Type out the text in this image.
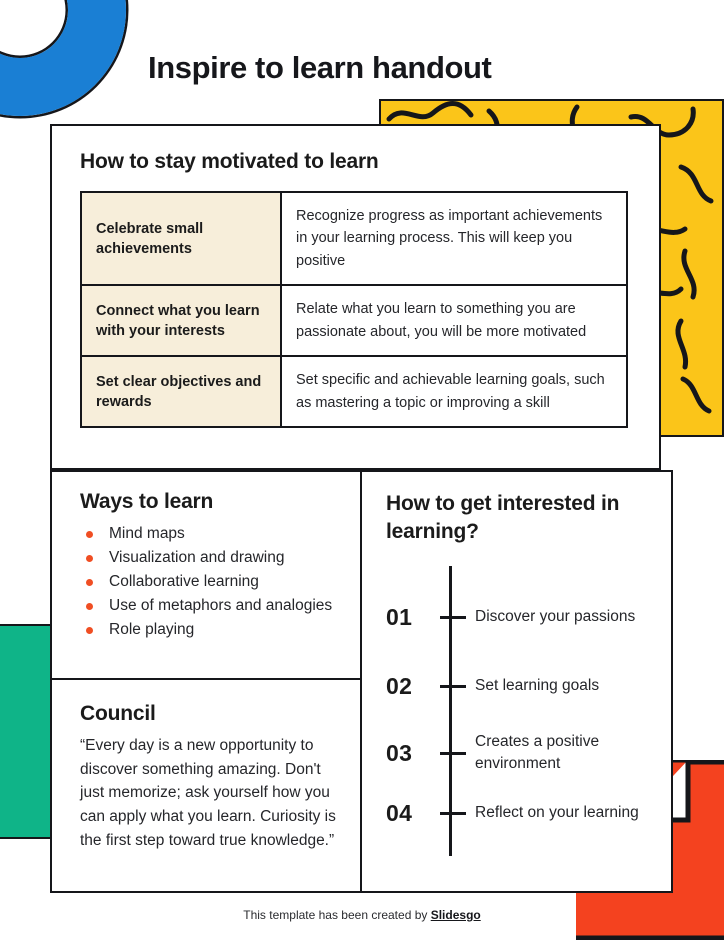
Inspire to learn handout
How to stay motivated to learn
Celebrate small achievements	Recognize progress as important achievements in your learning process. This will keep you positive
Connect what you learn with your interests	Relate what you learn to something you are passionate about, you will be more motivated
Set clear objectives and rewards	Set specific and achievable learning goals, such as mastering a topic or improving a skill
Ways to learn
Mind maps
Visualization and drawing
Collaborative learning
Use of metaphors and analogies
Role playing
Council

“Every day is a new opportunity to discover something amazing. Don't just memorize; ask yourself how you can apply what you learn. Curiosity is the first step toward true knowledge.”

How to get interested in learning?
01	Discover your passions
02	Set learning goals
03	Creates a positive environment
04	Reflect on your learning
This template has been created by Slidesgo
